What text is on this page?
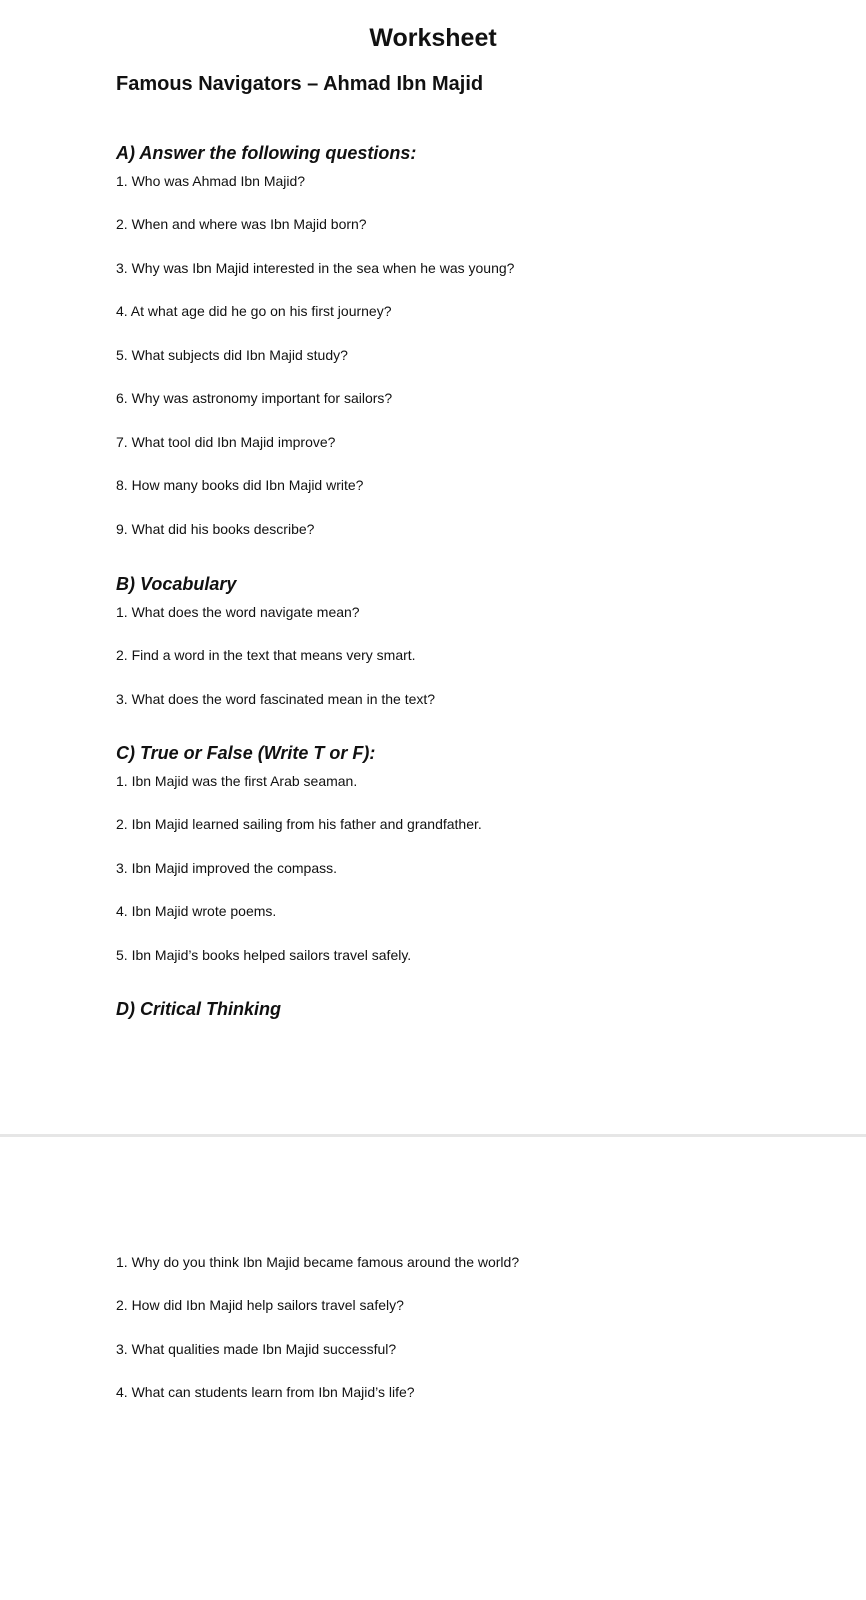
Worksheet
Famous Navigators – Ahmad Ibn Majid
A) Answer the following questions:

1. Who was Ahmad Ibn Majid?

2. When and where was Ibn Majid born?

3. Why was Ibn Majid interested in the sea when he was young?

4. At what age did he go on his first journey?

5. What subjects did Ibn Majid study?

6. Why was astronomy important for sailors?

7. What tool did Ibn Majid improve?

8. How many books did Ibn Majid write?

9. What did his books describe?

B) Vocabulary

1. What does the word navigate mean?

2. Find a word in the text that means very smart.

3. What does the word fascinated mean in the text?

C) True or False (Write T or F):

1. Ibn Majid was the first Arab seaman.

2. Ibn Majid learned sailing from his father and grandfather.

3. Ibn Majid improved the compass.

4. Ibn Majid wrote poems.

5. Ibn Majid’s books helped sailors travel safely.

D) Critical Thinking

1. Why do you think Ibn Majid became famous around the world?

2. How did Ibn Majid help sailors travel safely?

3. What qualities made Ibn Majid successful?

4. What can students learn from Ibn Majid’s life?
